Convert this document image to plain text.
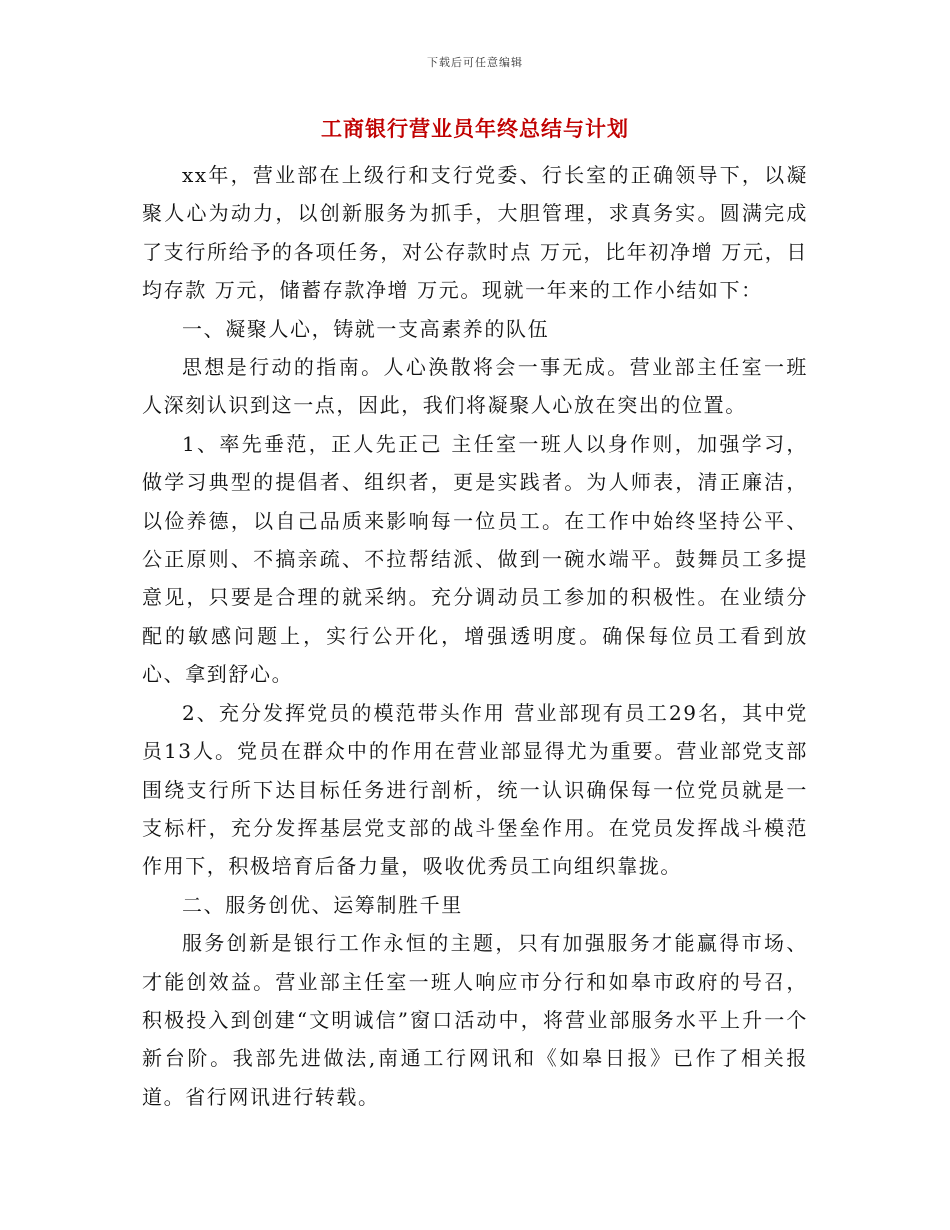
下载后可任意编辑
工商银行营业员年终总结与计划

xx年，营业部在上级行和支行党委、行长室的正确领导下，以凝聚人心为动力，以创新服务为抓手，大胆管理，求真务实。圆满完成了支行所给予的各项任务，对公存款时点 万元，比年初净增 万元，日均存款 万元，储蓄存款净增 万元。现就一年来的工作小结如下：

一、凝聚人心，铸就一支高素养的队伍

思想是行动的指南。人心涣散将会一事无成。营业部主任室一班人深刻认识到这一点，因此，我们将凝聚人心放在突出的位置。

1、率先垂范，正人先正己 主任室一班人以身作则，加强学习，做学习典型的提倡者、组织者，更是实践者。为人师表，清正廉洁，以俭养德，以自己品质来影响每一位员工。在工作中始终坚持公平、公正原则、不搞亲疏、不拉帮结派、做到一碗水端平。鼓舞员工多提意见，只要是合理的就采纳。充分调动员工参加的积极性。在业绩分配的敏感问题上，实行公开化，增强透明度。确保每位员工看到放心、拿到舒心。

2、充分发挥党员的模范带头作用 营业部现有员工29名，其中党员13人。党员在群众中的作用在营业部显得尤为重要。营业部党支部围绕支行所下达目标任务进行剖析，统一认识确保每一位党员就是一支标杆，充分发挥基层党支部的战斗堡垒作用。在党员发挥战斗模范作用下，积极培育后备力量，吸收优秀员工向组织靠拢。

二、服务创优、运筹制胜千里

服务创新是银行工作永恒的主题，只有加强服务才能赢得市场、才能创效益。营业部主任室一班人响应市分行和如皋市政府的号召，积极投入到创建“文明诚信”窗口活动中，将营业部服务水平上升一个新台阶。我部先进做法,南通工行网讯和《如皋日报》已作了相关报道。省行网讯进行转载。
